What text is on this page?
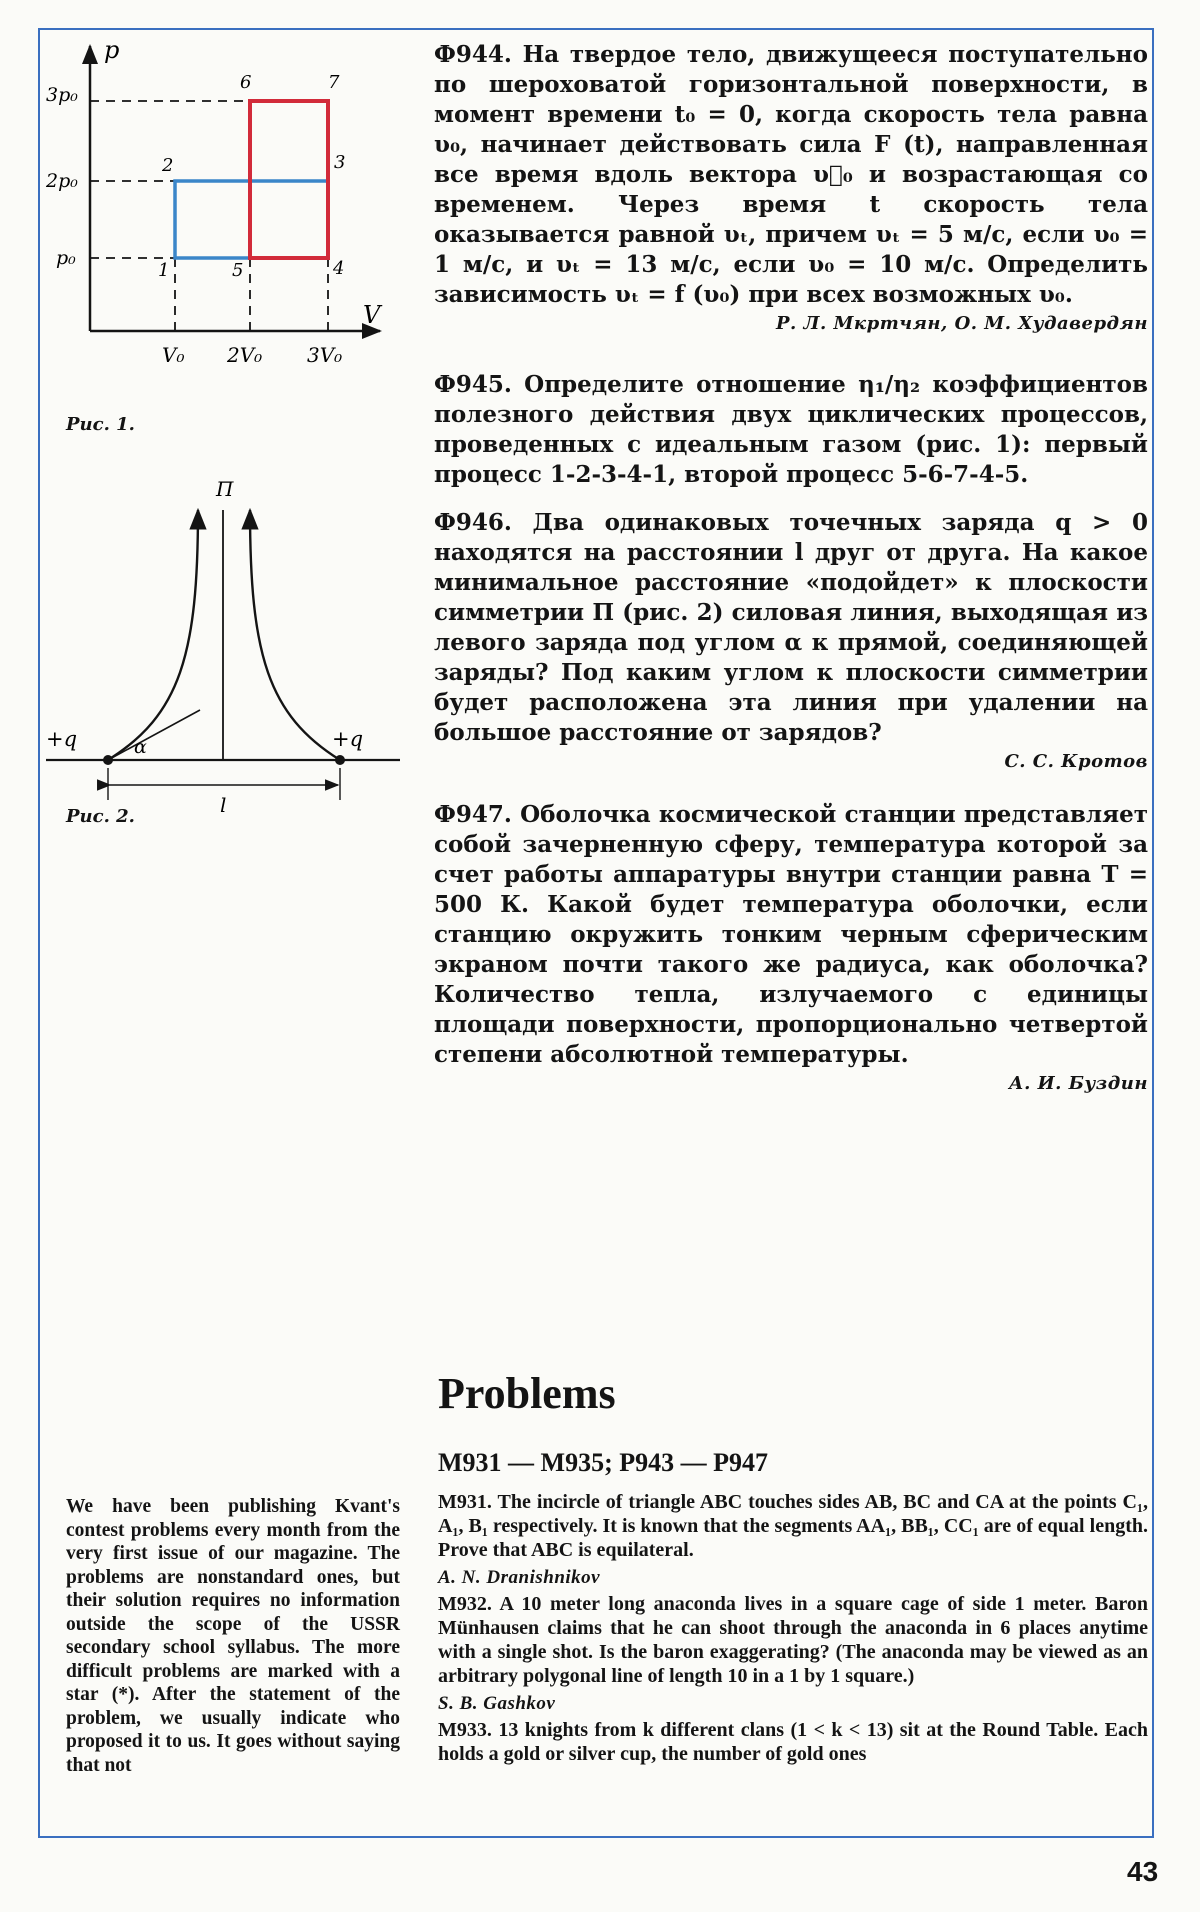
p
V
3p₀
2p₀
p₀
V₀ 2V₀ 3V₀
1
2	3
4
5
6	7
Рис. 1.
П
α
+q	+q
l
Рис. 2.

Ф944. На твердое тело, движущееся поступательно по шероховатой горизонтальной поверхности, в момент времени t₀ = 0, когда скорость тела равна υ₀, начинает действовать сила F (t), направленная все время вдоль вектора υ⃗₀ и возрастающая со временем. Через время t скорость тела оказывается равной υₜ, причем υₜ = 5 м/с, если υ₀ = 1 м/с, и υₜ = 13 м/с, если υ₀ = 10 м/с. Определить зависимость υₜ = f (υ₀) при всех возможных υ₀.

Р. Л. Мкртчян, О. М. Худавердян

Ф945. Определите отношение η₁/η₂ коэффициентов полезного действия двух циклических процессов, проведенных с идеальным газом (рис. 1): первый процесс 1-2-3-4-1, второй процесс 5-6-7-4-5.

Ф946. Два одинаковых точечных заряда q > 0 находятся на расстоянии l друг от друга. На какое минимальное расстояние «подойдет» к плоскости симметрии П (рис. 2) силовая линия, выходящая из левого заряда под углом α к прямой, соединяющей заряды? Под каким углом к плоскости симметрии будет расположена эта линия при удалении на большое расстояние от зарядов?

С. С. Кротов

Ф947. Оболочка космической станции представляет собой зачерненную сферу, температура которой за счет работы аппаратуры внутри станции равна T = 500 К. Какой будет температура оболочки, если станцию окружить тонким черным сферическим экраном почти такого же радиуса, как оболочка? Количество тепла, излучаемого с единицы площади поверхности, пропорционально четвертой степени абсолютной температуры.

А. И. Буздин

Problems
M931 — M935; P943 — P947

M931. The incircle of triangle ABC touches sides AB, BC and CA at the points C₁, A₁, B₁ respectively. It is known that the segments AA₁, BB₁, CC₁ are of equal length. Prove that ABC is equilateral.

A. N. Dranishnikov

M932. A 10 meter long anaconda lives in a square cage of side 1 meter. Baron Münhausen claims that he can shoot through the anaconda in 6 places anytime with a single shot. Is the baron exaggerating? (The anaconda may be viewed as an arbitrary polygonal line of length 10 in a 1 by 1 square.)

S. B. Gashkov

M933. 13 knights from k different clans (1 < k < 13) sit at the Round Table. Each holds a gold or silver cup, the number of gold ones

We have been publishing Kvant's contest problems every month from the very first issue of our magazine. The problems are nonstandard ones, but their solution requires no information outside the scope of the USSR secondary school syllabus. The more difficult problems are marked with a star (*). After the statement of the problem, we usually indicate who proposed it to us. It goes without saying that not

43
